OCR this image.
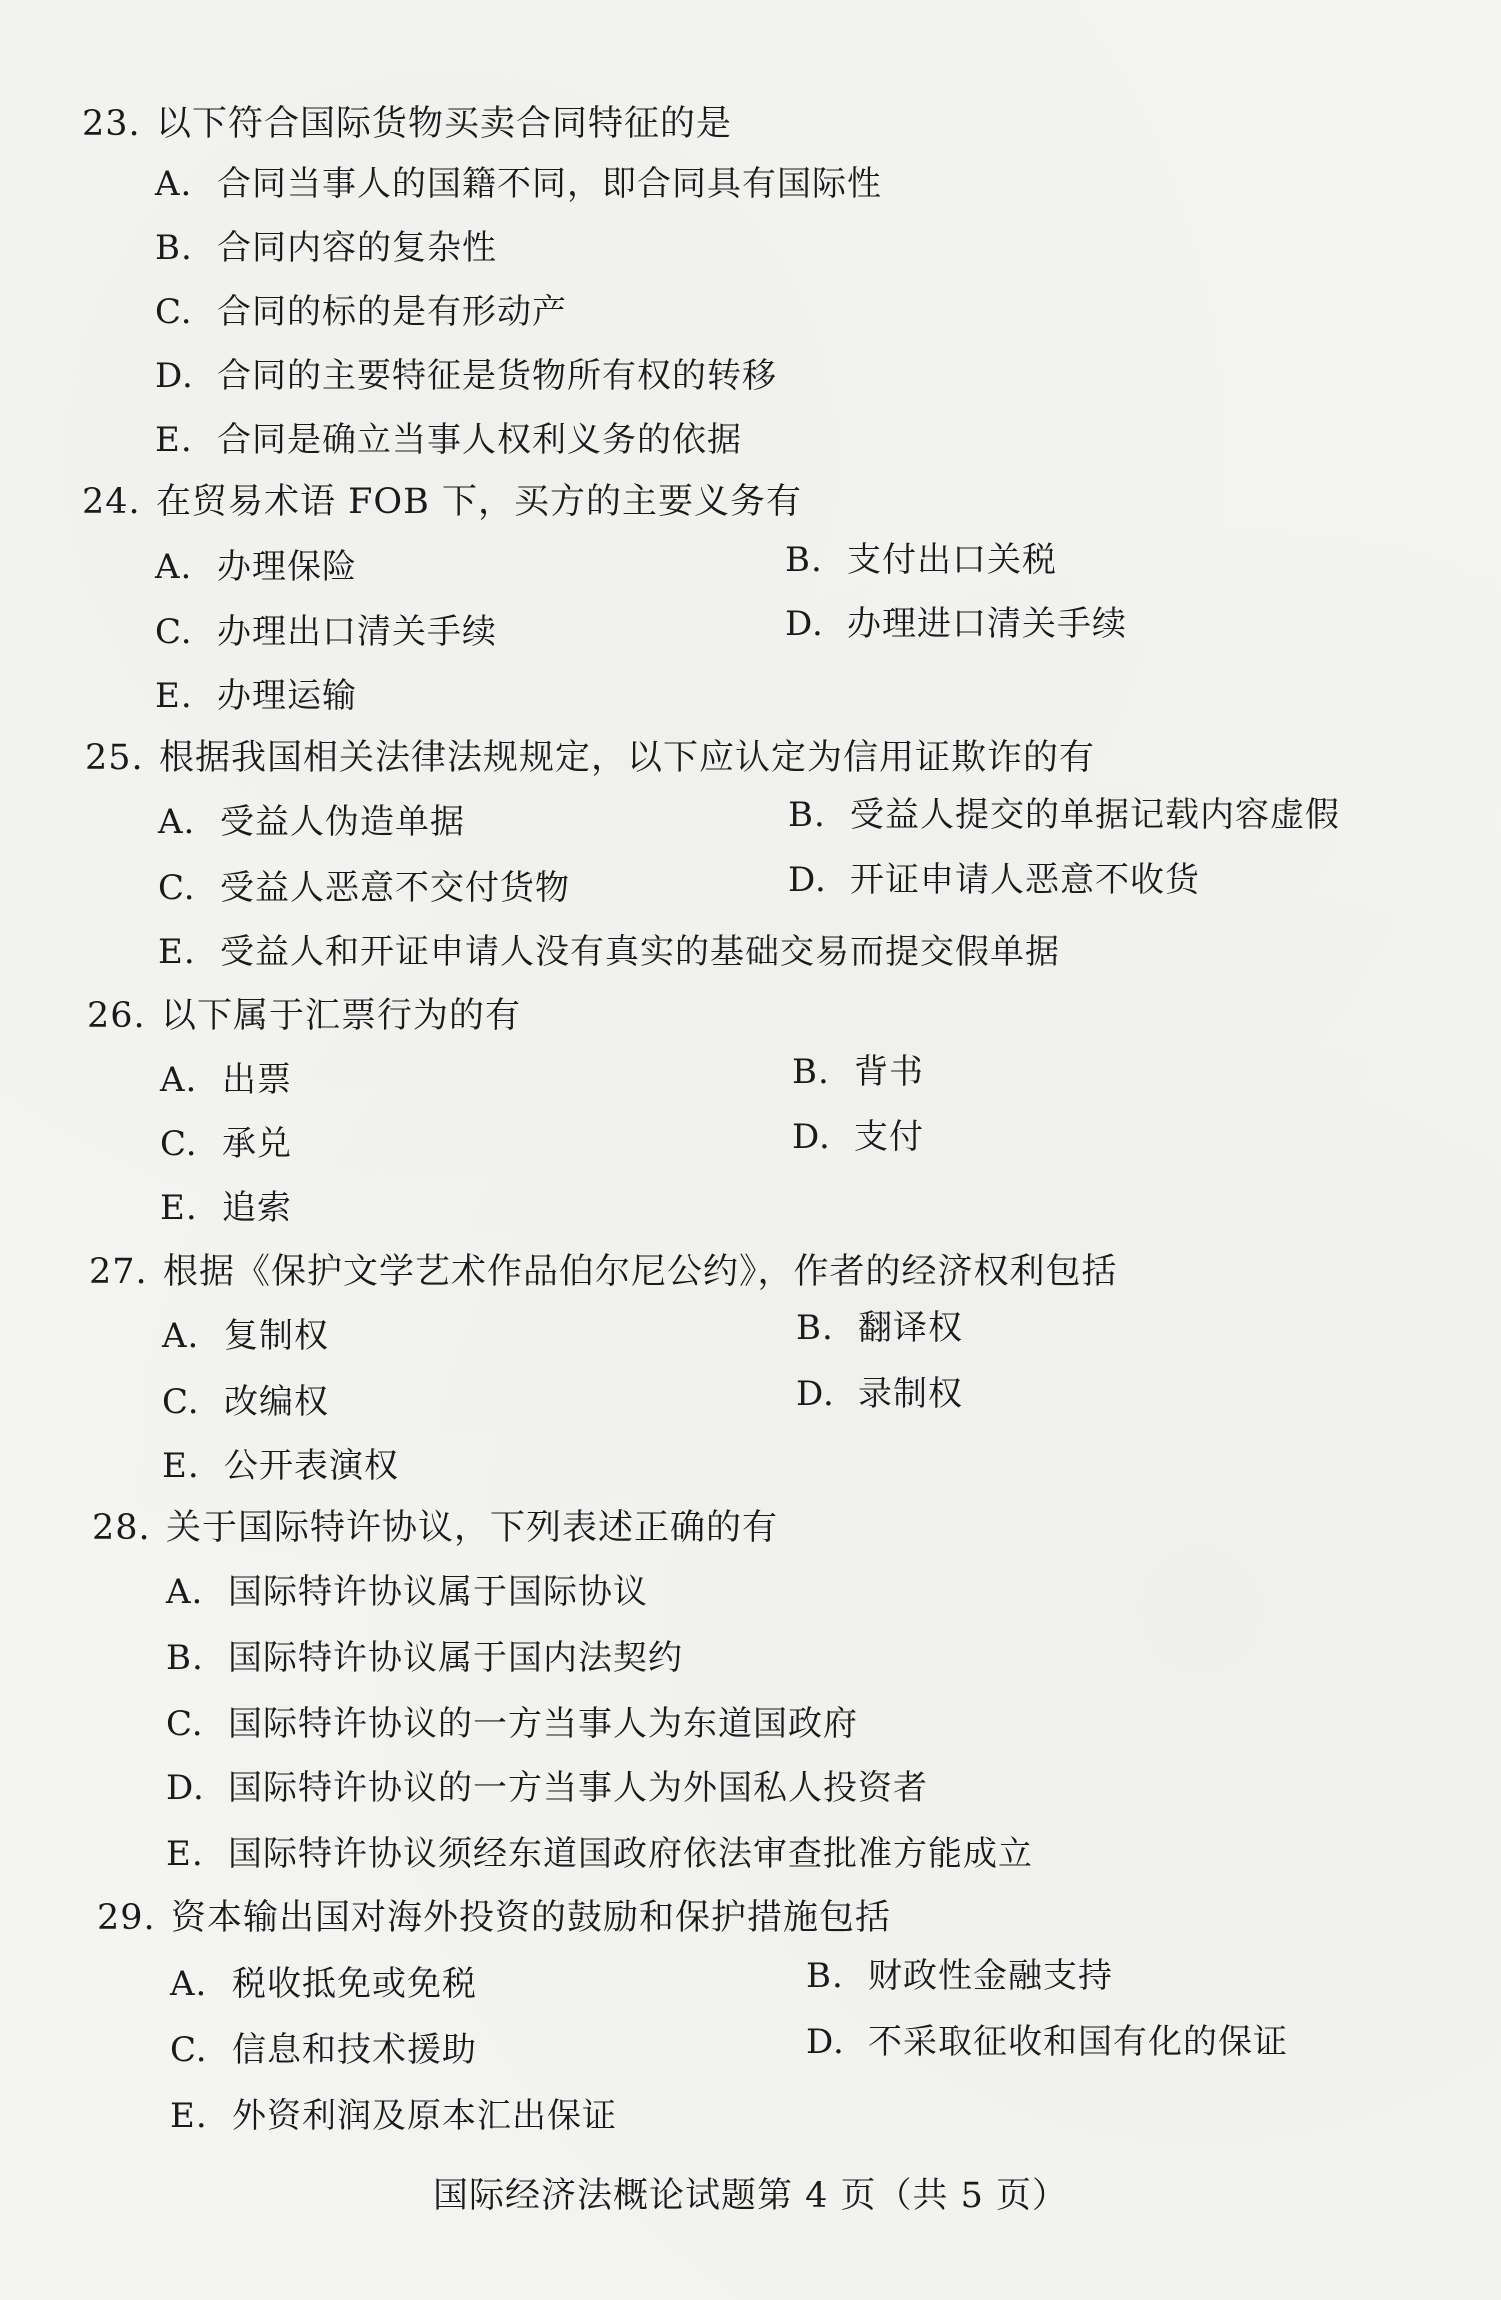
23. 以下符合国际货物买卖合同特征的是
A. 合同当事人的国籍不同，即合同具有国际性
B. 合同内容的复杂性
C. 合同的标的是有形动产
D. 合同的主要特征是货物所有权的转移
E. 合同是确立当事人权利义务的依据
24. 在贸易术语 FOB 下，买方的主要义务有
A. 办理保险	B. 支付出口关税
C. 办理出口清关手续	D. 办理进口清关手续
E. 办理运输
25. 根据我国相关法律法规规定，以下应认定为信用证欺诈的有
A. 受益人伪造单据	B. 受益人提交的单据记载内容虚假
C. 受益人恶意不交付货物	D. 开证申请人恶意不收货
E. 受益人和开证申请人没有真实的基础交易而提交假单据
26. 以下属于汇票行为的有
A. 出票	B. 背书
C. 承兑	D. 支付
E. 追索
27. 根据《保护文学艺术作品伯尔尼公约》，作者的经济权利包括
A. 复制权	B. 翻译权
C. 改编权	D. 录制权
E. 公开表演权
28. 关于国际特许协议，下列表述正确的有
A. 国际特许协议属于国际协议
B. 国际特许协议属于国内法契约
C. 国际特许协议的一方当事人为东道国政府
D. 国际特许协议的一方当事人为外国私人投资者
E. 国际特许协议须经东道国政府依法审查批准方能成立
29. 资本输出国对海外投资的鼓励和保护措施包括
A. 税收抵免或免税	B. 财政性金融支持
C. 信息和技术援助	D. 不采取征收和国有化的保证
E. 外资利润及原本汇出保证
国际经济法概论试题第 4 页（共 5 页）
